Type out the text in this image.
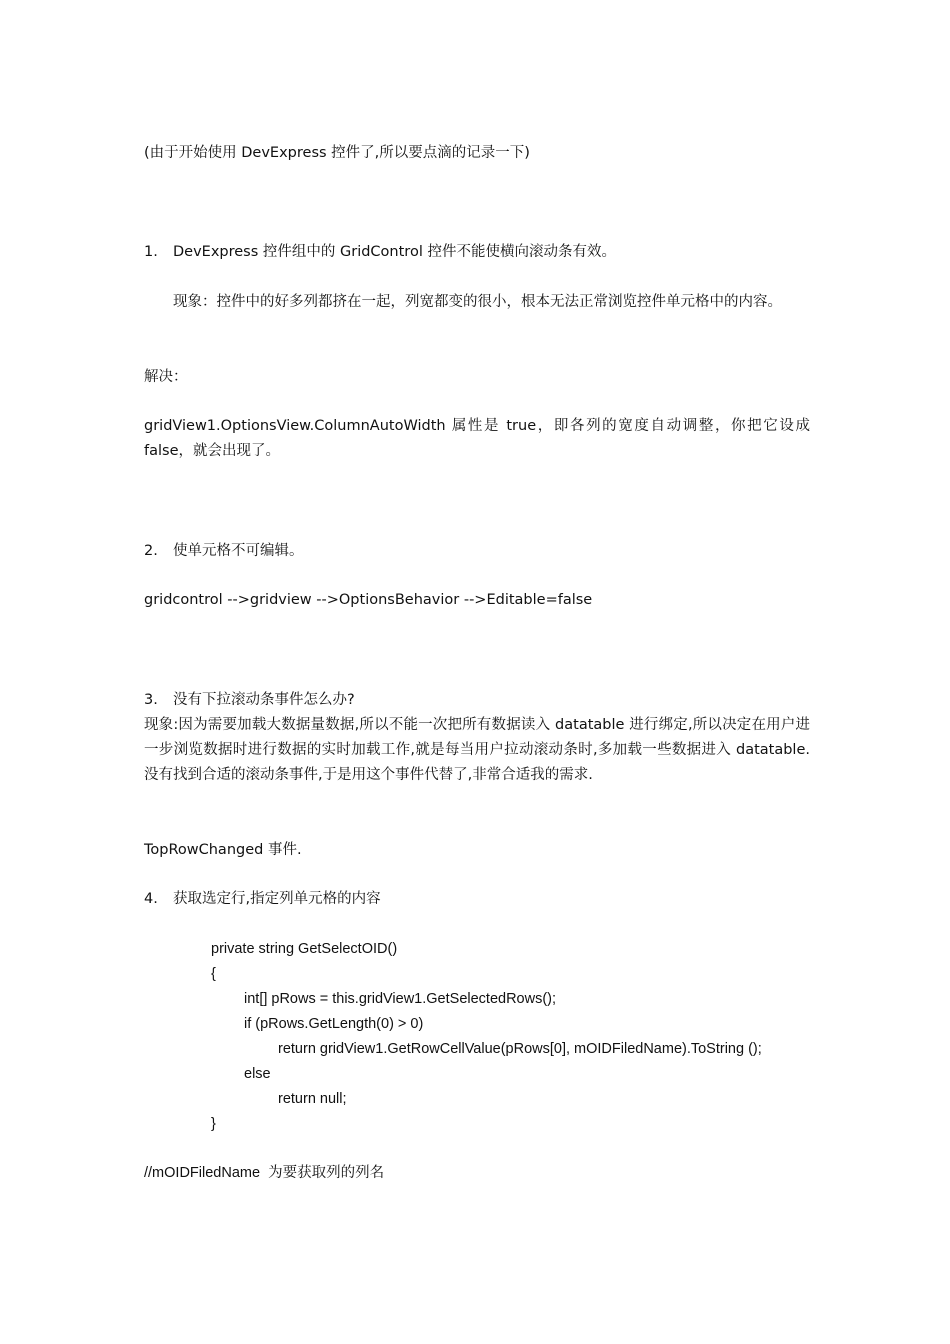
(由于开始使用 DevExpress 控件了,所以要点滴的记录一下)
1. DevExpress 控件组中的 GridControl 控件不能使横向滚动条有效。
现象：控件中的好多列都挤在一起，列宽都变的很小，根本无法正常浏览控件单元格中的内容。
解决：
gridView1.OptionsView.ColumnAutoWidth 属性是 true，即各列的宽度自动调整，你把它设成 false，就会出现了。
2. 使单元格不可编辑。
gridcontrol -->gridview -->OptionsBehavior -->Editable=false
3. 没有下拉滚动条事件怎么办?
现象:因为需要加载大数据量数据,所以不能一次把所有数据读入 datatable 进行绑定,所以决定在用户进一步浏览数据时进行数据的实时加载工作,就是每当用户拉动滚动条时,多加载一些数据进入 datatable.没有找到合适的滚动条事件,于是用这个事件代替了,非常合适我的需求.
TopRowChanged 事件.
4. 获取选定行,指定列单元格的内容
private string GetSelectOID()
{
int[] pRows = this.gridView1.GetSelectedRows();
if (pRows.GetLength(0) > 0)
return gridView1.GetRowCellValue(pRows[0], mOIDFiledName).ToString ();
else
return null;
}
//mOIDFiledName  为要获取列的列名
